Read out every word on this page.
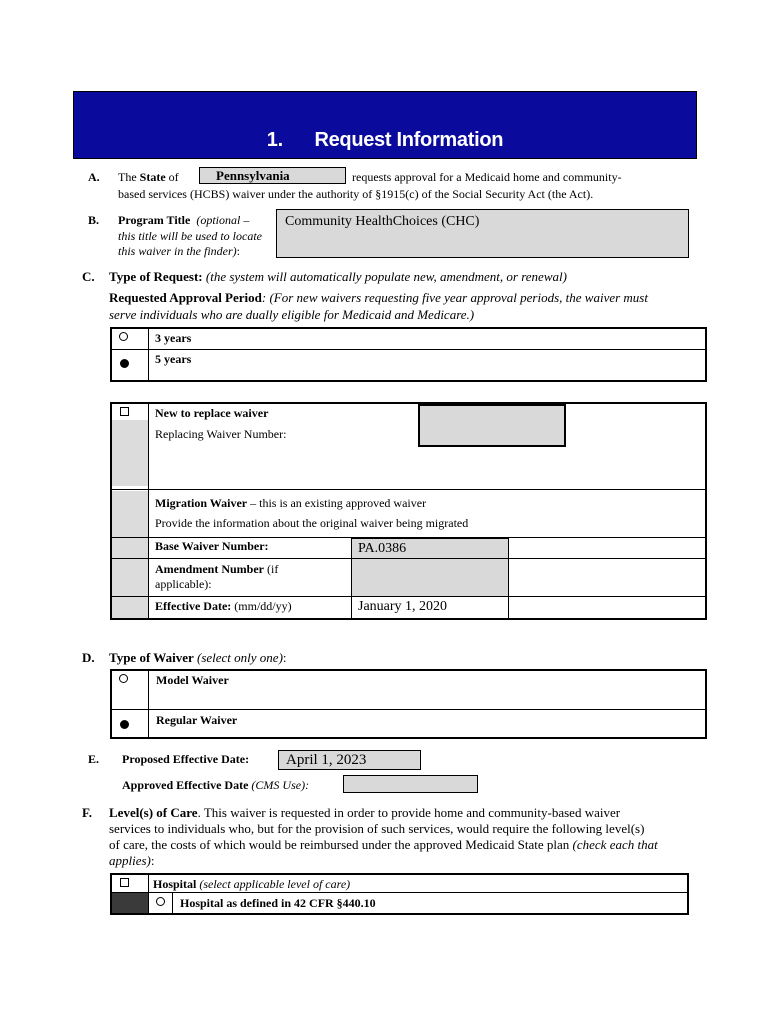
1. Request Information
A. The State of	Pennsylvania	requests approval for a Medicaid home and community-
based services (HCBS) waiver under the authority of §1915(c) of the Social Security Act (the Act).
B. Program Title (optional –
this title will be used to locate
this waiver in the finder):
Community HealthChoices (CHC)
C. Type of Request: (the system will automatically populate new, amendment, or renewal)
Requested Approval Period: (For new waivers requesting five year approval periods, the waiver must
serve individuals who are dually eligible for Medicaid and Medicare.)
3 years
5 years
New to replace waiver
Replacing Waiver Number:
Migration Waiver – this is an existing approved waiver
Provide the information about the original waiver being migrated
Base Waiver Number:	PA.0386
Amendment Number (if
applicable):
Effective Date: (mm/dd/yy)	January 1, 2020
D. Type of Waiver (select only one):
Model Waiver
Regular Waiver
E. Proposed Effective Date:	April 1, 2023
Approved Effective Date (CMS Use):
F. Level(s) of Care. This waiver is requested in order to provide home and community-based waiver
services to individuals who, but for the provision of such services, would require the following level(s)
of care, the costs of which would be reimbursed under the approved Medicaid State plan (check each that
applies):
Hospital (select applicable level of care)
Hospital as defined in 42 CFR §440.10
